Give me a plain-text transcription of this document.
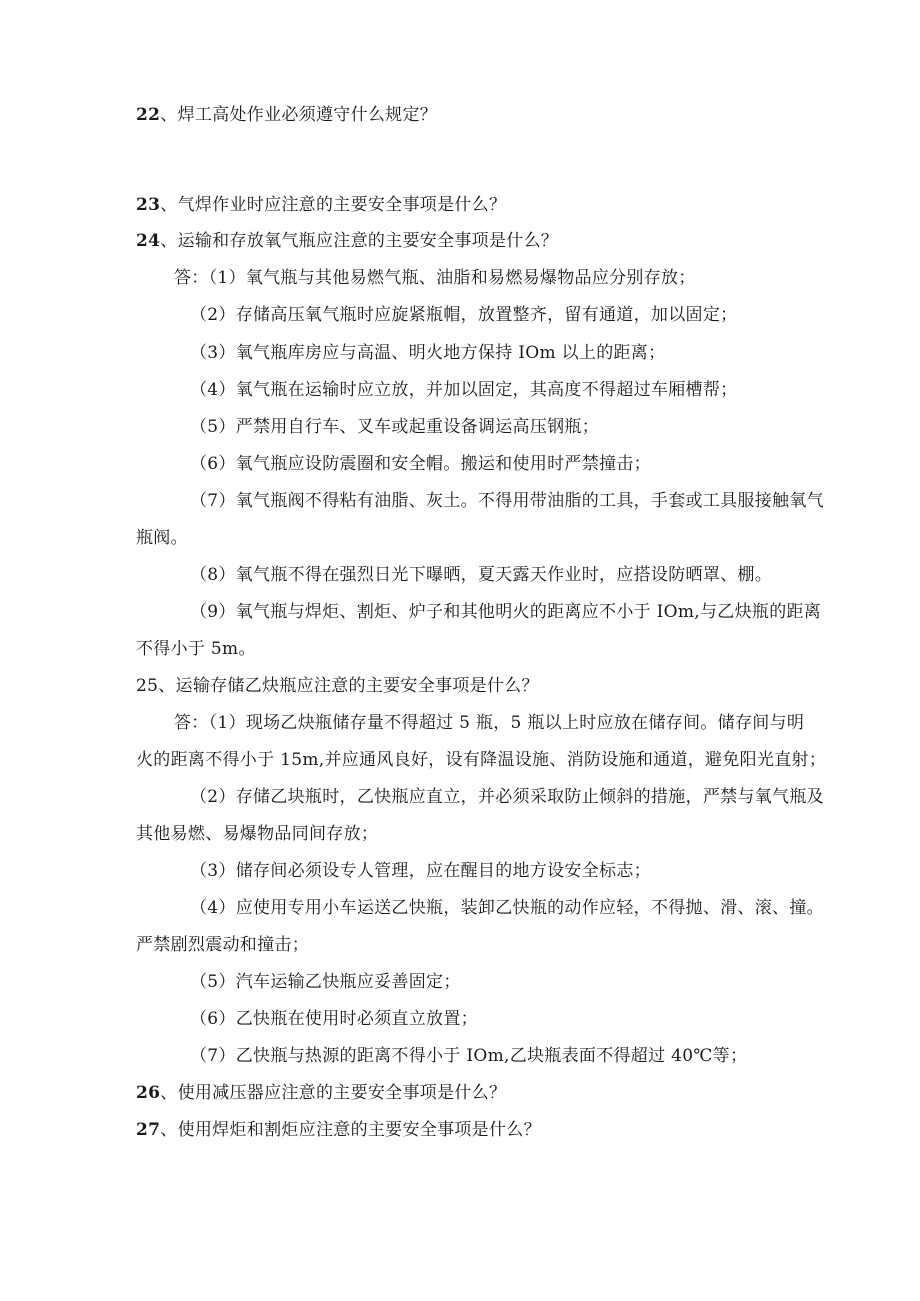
22、焊工高处作业必须遵守什么规定？
23、气焊作业时应注意的主要安全事项是什么？
24、运输和存放氧气瓶应注意的主要安全事项是什么？
答：（1）氧气瓶与其他易燃气瓶、油脂和易燃易爆物品应分别存放；
（2）存储高压氧气瓶时应旋紧瓶帽，放置整齐，留有通道，加以固定；
（3）氧气瓶库房应与高温、明火地方保持 IOm 以上的距离；
（4）氧气瓶在运输时应立放，并加以固定，其高度不得超过车厢槽帮；
（5）严禁用自行车、叉车或起重设备调运高压钢瓶；
（6）氧气瓶应设防震圈和安全帽。搬运和使用时严禁撞击；
（7）氧气瓶阀不得粘有油脂、灰土。不得用带油脂的工具，手套或工具服接触氧气
瓶阀。
（8）氧气瓶不得在强烈日光下曝晒，夏天露天作业时，应搭设防晒罩、棚。
（9）氧气瓶与焊炬、割炬、炉子和其他明火的距离应不小于 IOm,与乙炔瓶的距离
不得小于 5m。
25、运输存储乙炔瓶应注意的主要安全事项是什么？
答：（1）现场乙炔瓶储存量不得超过 5 瓶，5 瓶以上时应放在储存间。储存间与明
火的距离不得小于 15m,并应通风良好，设有降温设施、消防设施和通道，避免阳光直射；
（2）存储乙块瓶时，乙快瓶应直立，并必须采取防止倾斜的措施，严禁与氧气瓶及
其他易燃、易爆物品同间存放；
（3）储存间必须设专人管理，应在醒目的地方设安全标志；
（4）应使用专用小车运送乙快瓶，装卸乙快瓶的动作应轻，不得抛、滑、滚、撞。
严禁剧烈震动和撞击；
（5）汽车运输乙快瓶应妥善固定；
（6）乙快瓶在使用时必须直立放置；
（7）乙快瓶与热源的距离不得小于 IOm,乙块瓶表面不得超过 40℃等；
26、使用减压器应注意的主要安全事项是什么？
27、使用焊炬和割炬应注意的主要安全事项是什么？
